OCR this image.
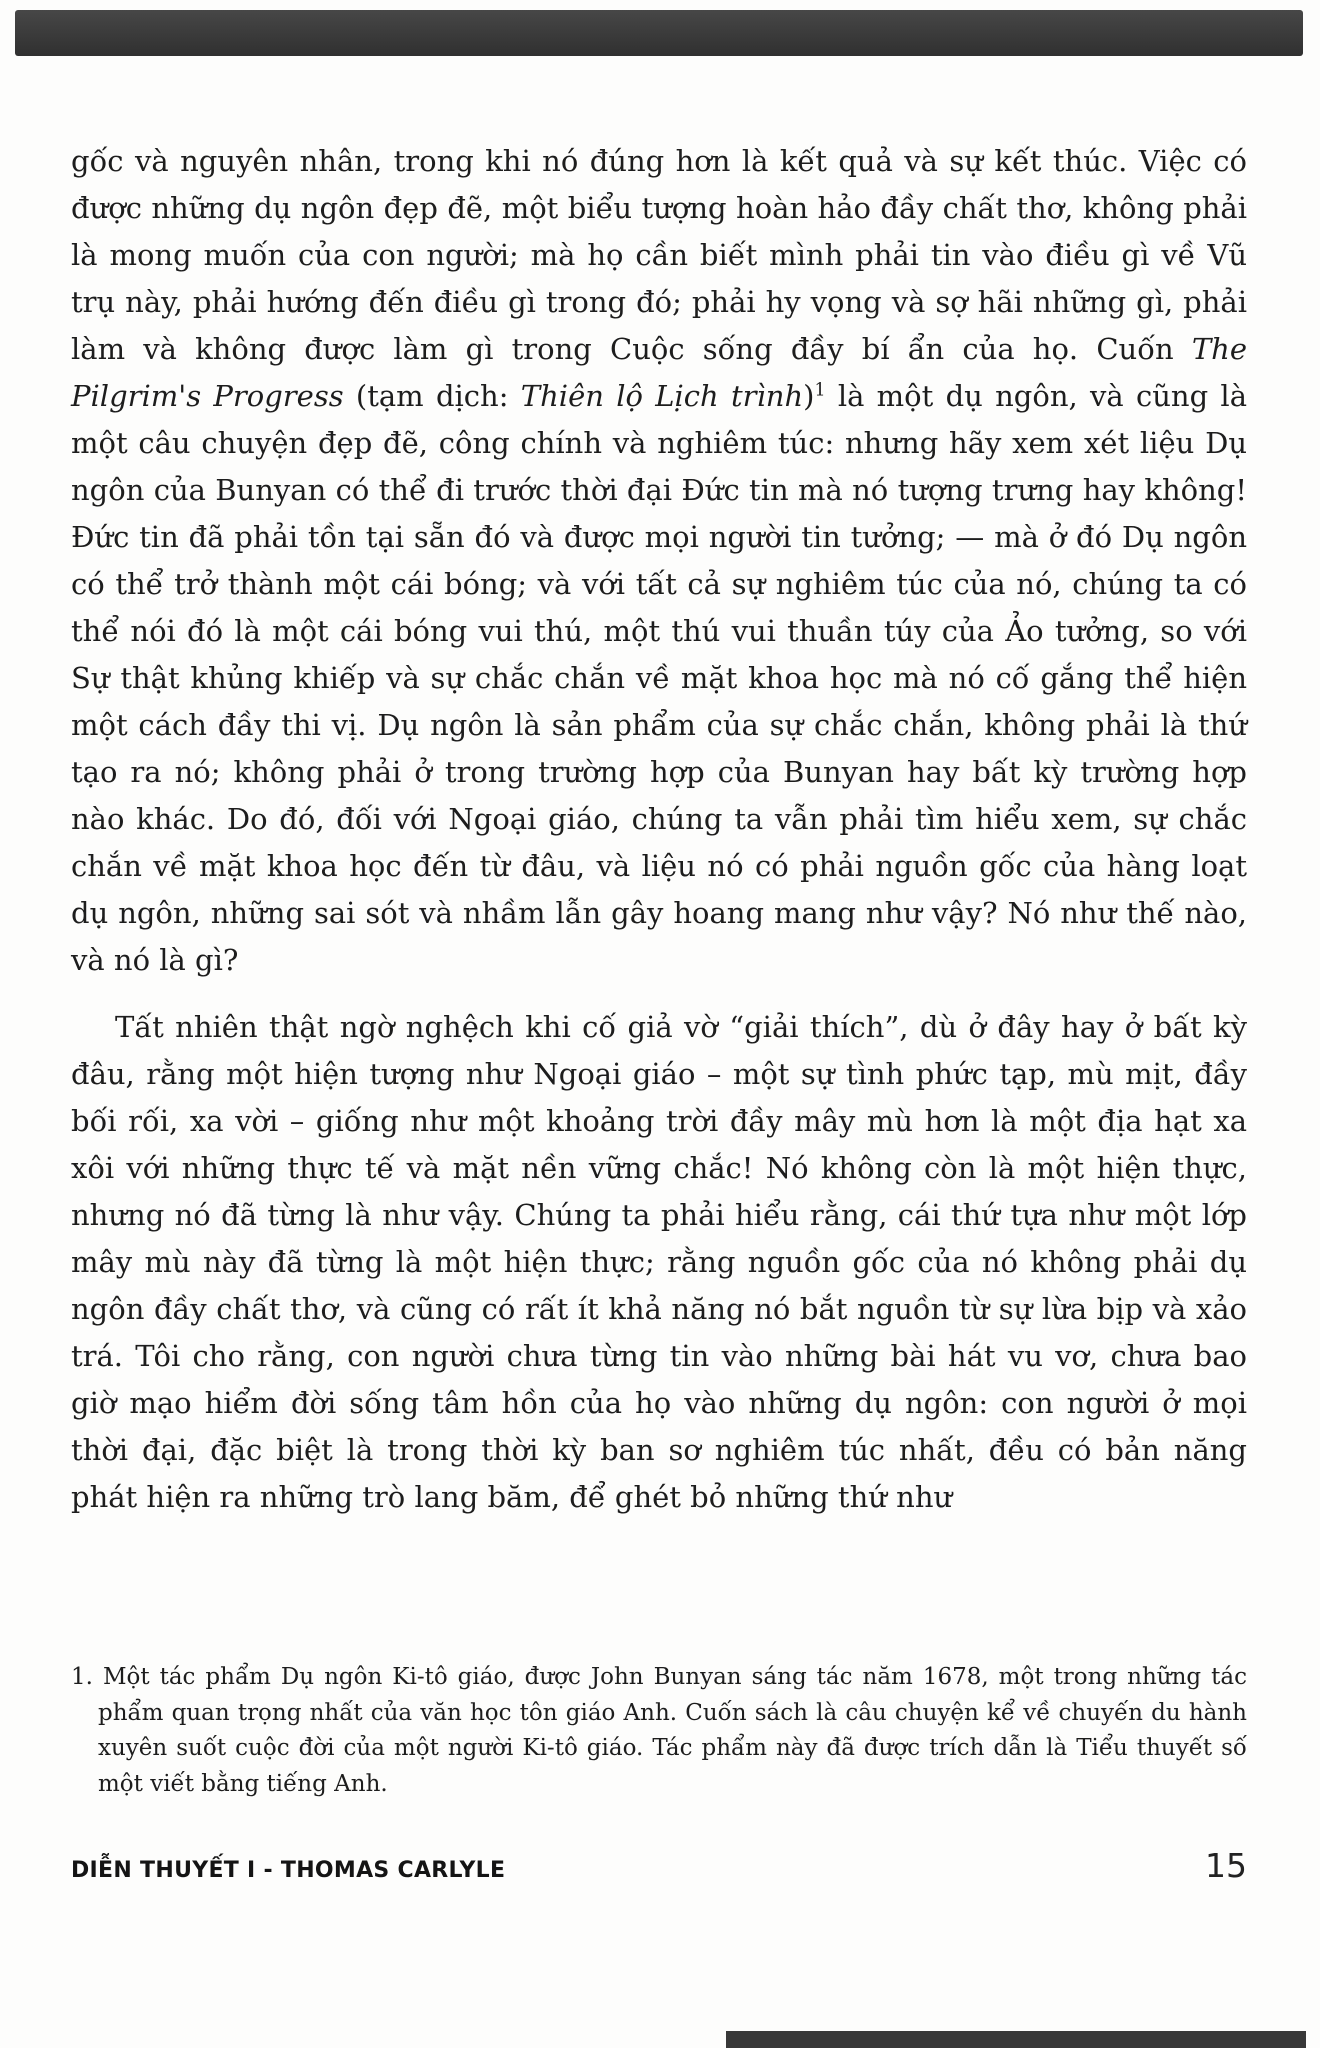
gốc và nguyên nhân, trong khi nó đúng hơn là kết quả và sự kết thúc. Việc có được những dụ ngôn đẹp đẽ, một biểu tượng hoàn hảo đầy chất thơ, không phải là mong muốn của con người; mà họ cần biết mình phải tin vào điều gì về Vũ trụ này, phải hướng đến điều gì trong đó; phải hy vọng và sợ hãi những gì, phải làm và không được làm gì trong Cuộc sống đầy bí ẩn của họ. Cuốn The Pilgrim's Progress (tạm dịch: Thiên lộ Lịch trình)$^1$ là một dụ ngôn, và cũng là một câu chuyện đẹp đẽ, công chính và nghiêm túc: nhưng hãy xem xét liệu Dụ ngôn của Bunyan có thể đi trước thời đại Đức tin mà nó tượng trưng hay không! Đức tin đã phải tồn tại sẵn đó và được mọi người tin tưởng; — mà ở đó Dụ ngôn có thể trở thành một cái bóng; và với tất cả sự nghiêm túc của nó, chúng ta có thể nói đó là một cái bóng vui thú, một thú vui thuần túy của Ảo tưởng, so với Sự thật khủng khiếp và sự chắc chắn về mặt khoa học mà nó cố gắng thể hiện một cách đầy thi vị. Dụ ngôn là sản phẩm của sự chắc chắn, không phải là thứ tạo ra nó; không phải ở trong trường hợp của Bunyan hay bất kỳ trường hợp nào khác. Do đó, đối với Ngoại giáo, chúng ta vẫn phải tìm hiểu xem, sự chắc chắn về mặt khoa học đến từ đâu, và liệu nó có phải nguồn gốc của hàng loạt dụ ngôn, những sai sót và nhầm lẫn gây hoang mang như vậy? Nó như thế nào, và nó là gì?

Tất nhiên thật ngờ nghệch khi cố giả vờ “giải thích”, dù ở đây hay ở bất kỳ đâu, rằng một hiện tượng như Ngoại giáo – một sự tình phức tạp, mù mịt, đầy bối rối, xa vời – giống như một khoảng trời đầy mây mù hơn là một địa hạt xa xôi với những thực tế và mặt nền vững chắc! Nó không còn là một hiện thực, nhưng nó đã từng là như vậy. Chúng ta phải hiểu rằng, cái thứ tựa như một lớp mây mù này đã từng là một hiện thực; rằng nguồn gốc của nó không phải dụ ngôn đầy chất thơ, và cũng có rất ít khả năng nó bắt nguồn từ sự lừa bịp và xảo trá. Tôi cho rằng, con người chưa từng tin vào những bài hát vu vơ, chưa bao giờ mạo hiểm đời sống tâm hồn của họ vào những dụ ngôn: con người ở mọi thời đại, đặc biệt là trong thời kỳ ban sơ nghiêm túc nhất, đều có bản năng phát hiện ra những trò lang băm, để ghét bỏ những thứ như

1. Một tác phẩm Dụ ngôn Ki-tô giáo, được John Bunyan sáng tác năm 1678, một trong những tác phẩm quan trọng nhất của văn học tôn giáo Anh. Cuốn sách là câu chuyện kể về chuyến du hành xuyên suốt cuộc đời của một người Ki-tô giáo. Tác phẩm này đã được trích dẫn là Tiểu thuyết số một viết bằng tiếng Anh.

DIỄN THUYẾT I - THOMAS CARLYLE	15
